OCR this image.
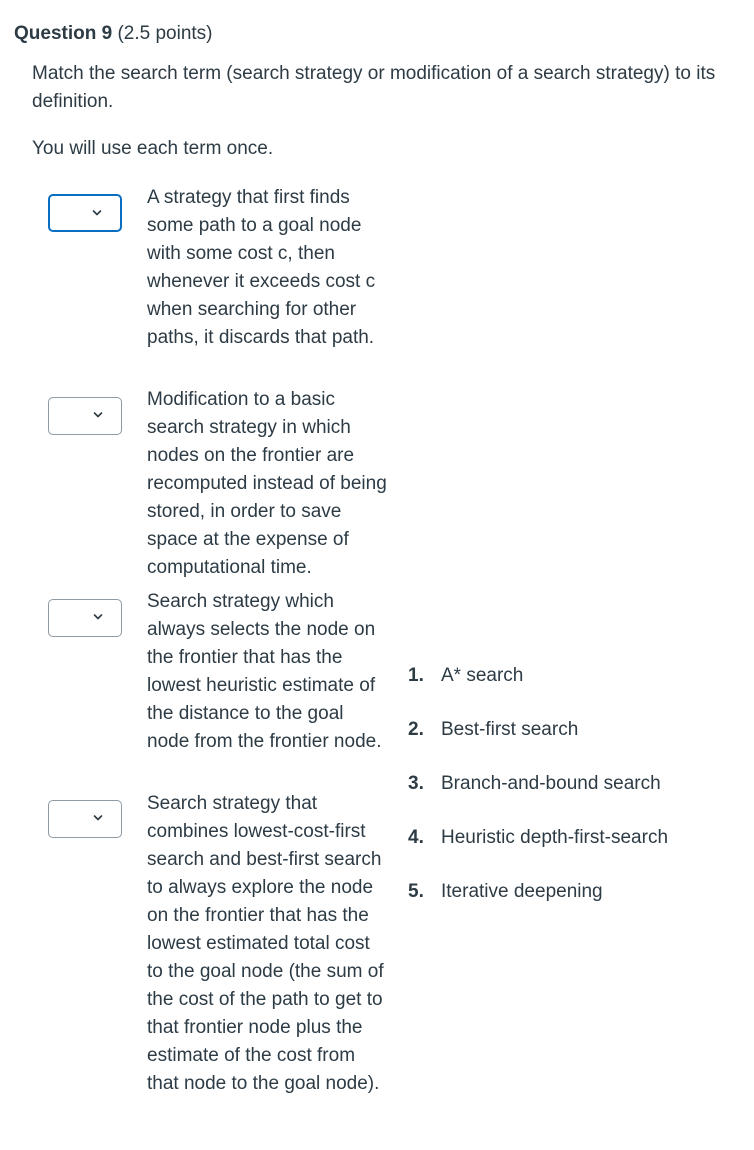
Question 9 (2.5 points)
Match the search term (search strategy or modification of a search strategy) to its definition.
You will use each term once.
A strategy that first finds some path to a goal node with some cost c, then whenever it exceeds cost c when searching for other paths, it discards that path.
Modification to a basic search strategy in which nodes on the frontier are recomputed instead of being stored, in order to save space at the expense of computational time.
Search strategy which always selects the node on the frontier that has the lowest heuristic estimate of the distance to the goal node from the frontier node.
Search strategy that combines lowest-cost-first search and best-first search to always explore the node on the frontier that has the lowest estimated total cost to the goal node (the sum of the cost of the path to get to that frontier node plus the estimate of the cost from that node to the goal node).
1. A* search
2. Best-first search
3. Branch-and-bound search
4. Heuristic depth-first-search
5. Iterative deepening
